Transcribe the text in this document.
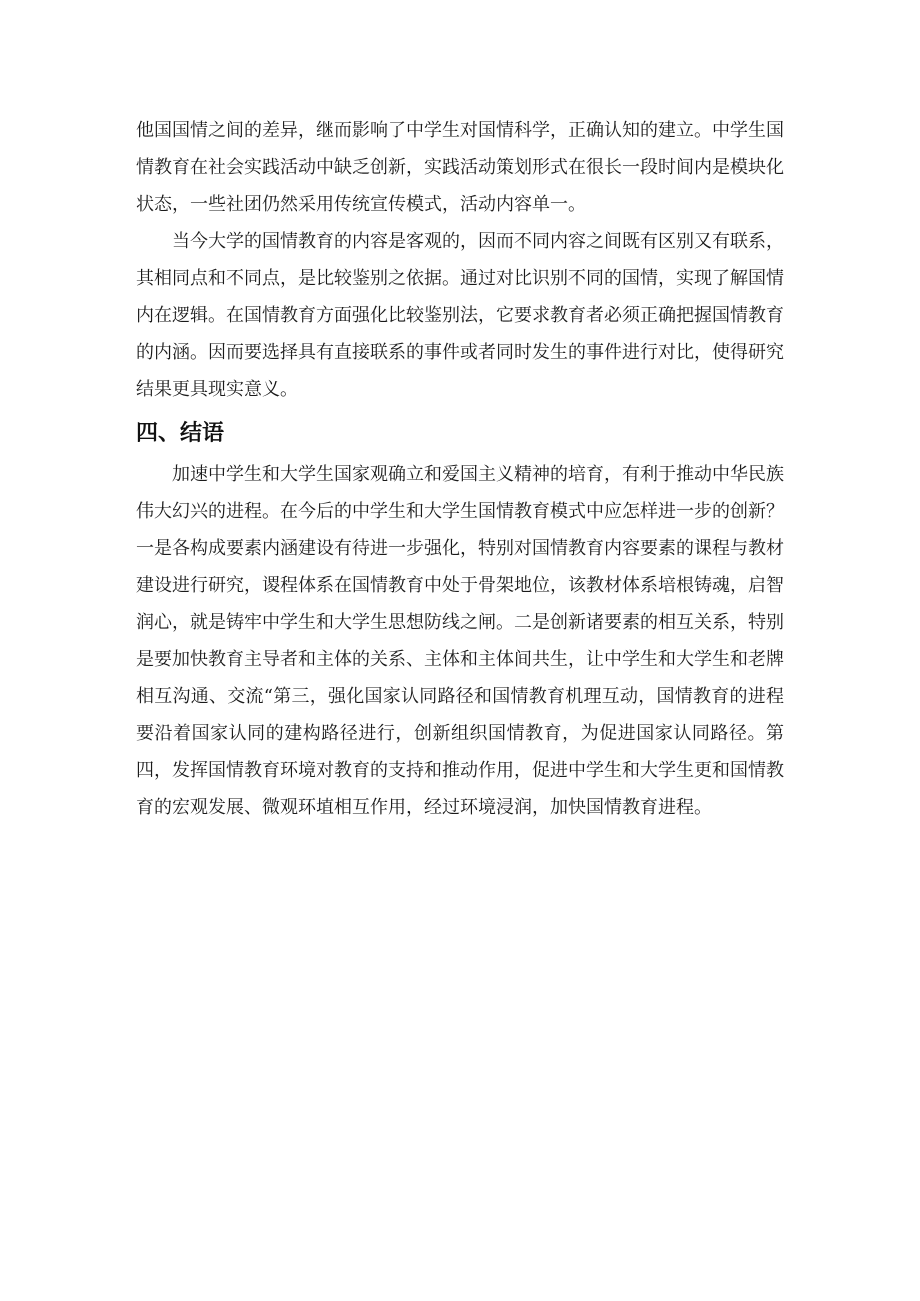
他国国情之间的差异，继而影响了中学生对国情科学，正确认知的建立。中学生国情教育在社会实践活动中缺乏创新，实践活动策划形式在很长一段时间内是模块化状态，一些社团仍然采用传统宣传模式，活动内容单一。

当今大学的国情教育的内容是客观的，因而不同内容之间既有区别又有联系，其相同点和不同点，是比较鉴别之依据。通过对比识别不同的国情，实现了解国情内在逻辑。在国情教育方面强化比较鉴别法，它要求教育者必须正确把握国情教育的内涵。因而要选择具有直接联系的事件或者同时发生的事件进行对比，使得研究结果更具现实意义。

四、结语

加速中学生和大学生国家观确立和爱国主义精神的培育，有利于推动中华民族伟大幻兴的进程。在今后的中学生和大学生国情教育模式中应怎样进一步的创新？一是各构成要素内涵建设有待进一步强化，特别对国情教育内容要素的课程与教材建设进行研究，谡程体系在国情教育中处于骨架地位，该教材体系培根铸魂，启智润心，就是铸牢中学生和大学生思想防线之闸。二是创新诸要素的相互关系，特别是要加快教育主导者和主体的关系、主体和主体间共生，让中学生和大学生和老牌相互沟通、交流“第三，强化国家认同路径和国情教育机理互动，国情教育的进程要沿着国家认同的建构路径进行，创新组织国情教育，为促进国家认同路径。第四，发挥国情教育环境对教育的支持和推动作用，促进中学生和大学生更和国情教育的宏观发展、微观环埴相互作用，经过环境浸润，加快国情教育进程。
